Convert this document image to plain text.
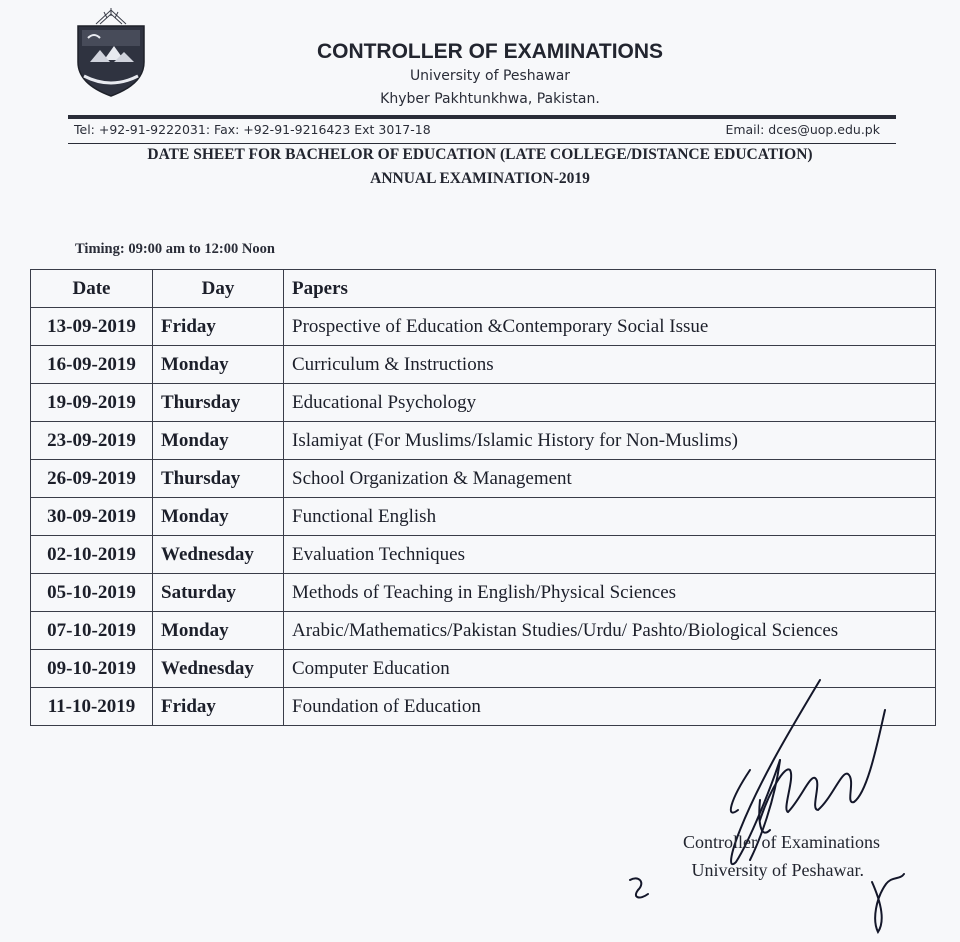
CONTROLLER OF EXAMINATIONS
University of Peshawar
Khyber Pakhtunkhwa, Pakistan.
Tel: +92-91-9222031: Fax: +92-91-9216423 Ext 3017-18	Email: dces@uop.edu.pk
DATE SHEET FOR BACHELOR OF EDUCATION (LATE COLLEGE/DISTANCE EDUCATION)
ANNUAL EXAMINATION-2019
Timing: 09:00 am to 12:00 Noon
Date	Day	Papers
13-09-2019	Friday	Prospective of Education &Contemporary Social Issue
16-09-2019	Monday	Curriculum & Instructions
19-09-2019	Thursday	Educational Psychology
23-09-2019	Monday	Islamiyat (For Muslims/Islamic History for Non-Muslims)
26-09-2019	Thursday	School Organization & Management
30-09-2019	Monday	Functional English
02-10-2019	Wednesday	Evaluation Techniques
05-10-2019	Saturday	Methods of Teaching in English/Physical Sciences
07-10-2019	Monday	Arabic/Mathematics/Pakistan Studies/Urdu/ Pashto/Biological Sciences
09-10-2019	Wednesday	Computer Education
11-10-2019	Friday	Foundation of Education
Controller of Examinations
University of Peshawar.
